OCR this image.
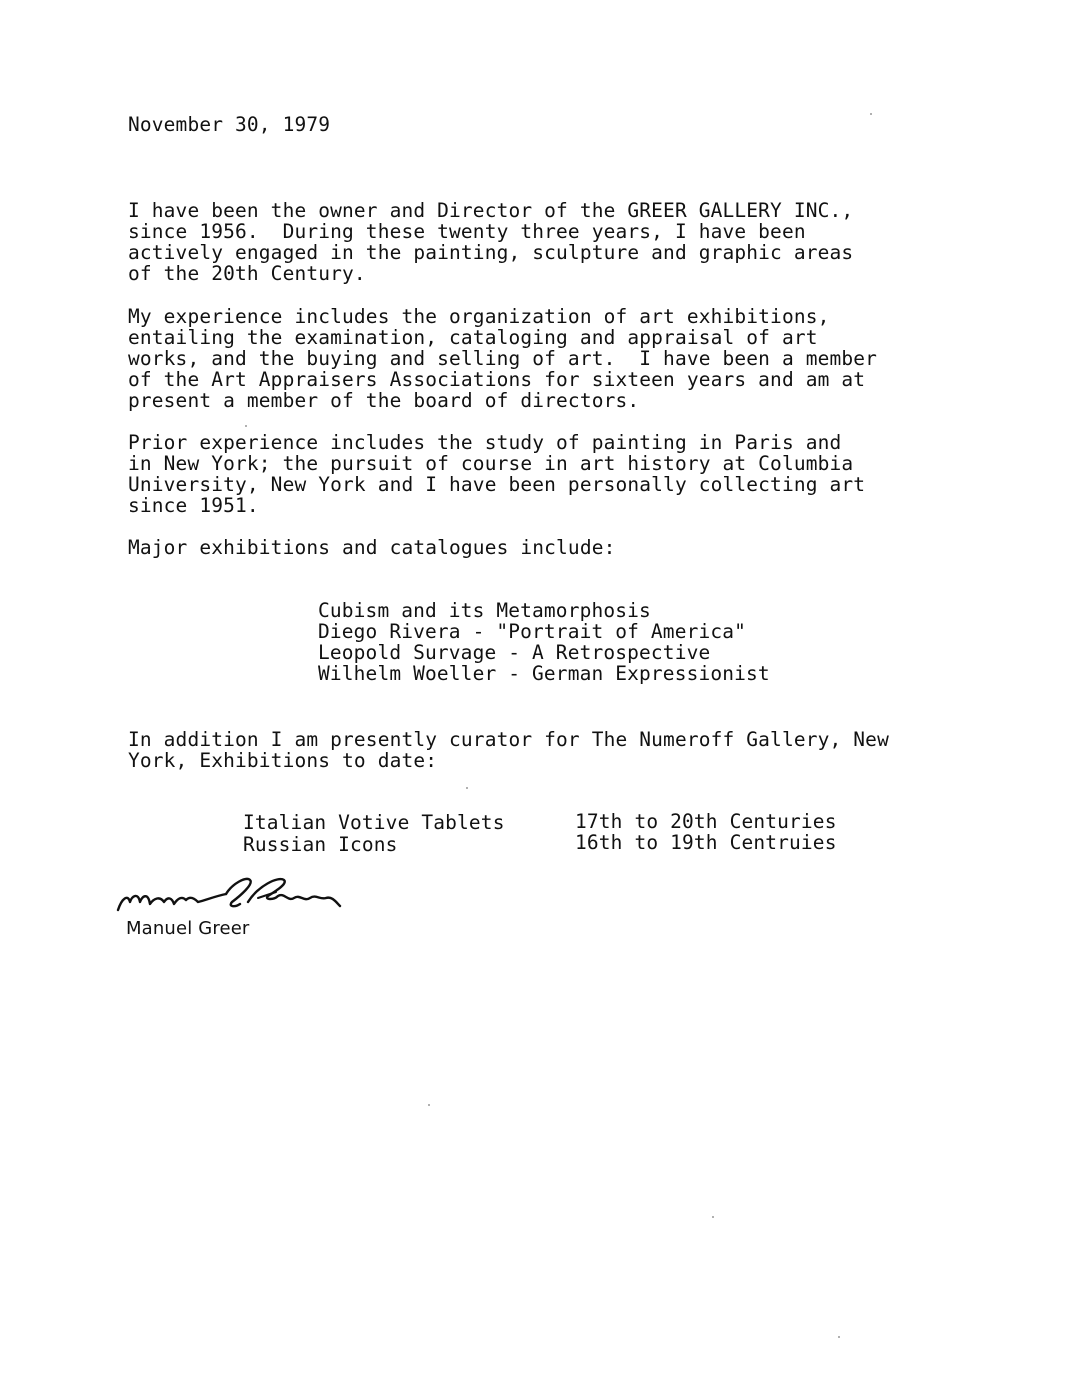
November 30, 1979
I have been the owner and Director of the GREER GALLERY INC.,
since 1956.  During these twenty three years, I have been
actively engaged in the painting, sculpture and graphic areas
of the 20th Century.
My experience includes the organization of art exhibitions,
entailing the examination, cataloging and appraisal of art
works, and the buying and selling of art.  I have been a member
of the Art Appraisers Associations for sixteen years and am at
present a member of the board of directors.
Prior experience includes the study of painting in Paris and
in New York; the pursuit of course in art history at Columbia
University, New York and I have been personally collecting art
since 1951.
Major exhibitions and catalogues include:
Cubism and its Metamorphosis
Diego Rivera - "Portrait of America"
Leopold Survage - A Retrospective
Wilhelm Woeller - German Expressionist
In addition I am presently curator for The Numeroff Gallery, New
York, Exhibitions to date:
Italian Votive Tablets	17th to 20th Centuries
Russian Icons	16th to 19th Centruies
Manuel Greer
